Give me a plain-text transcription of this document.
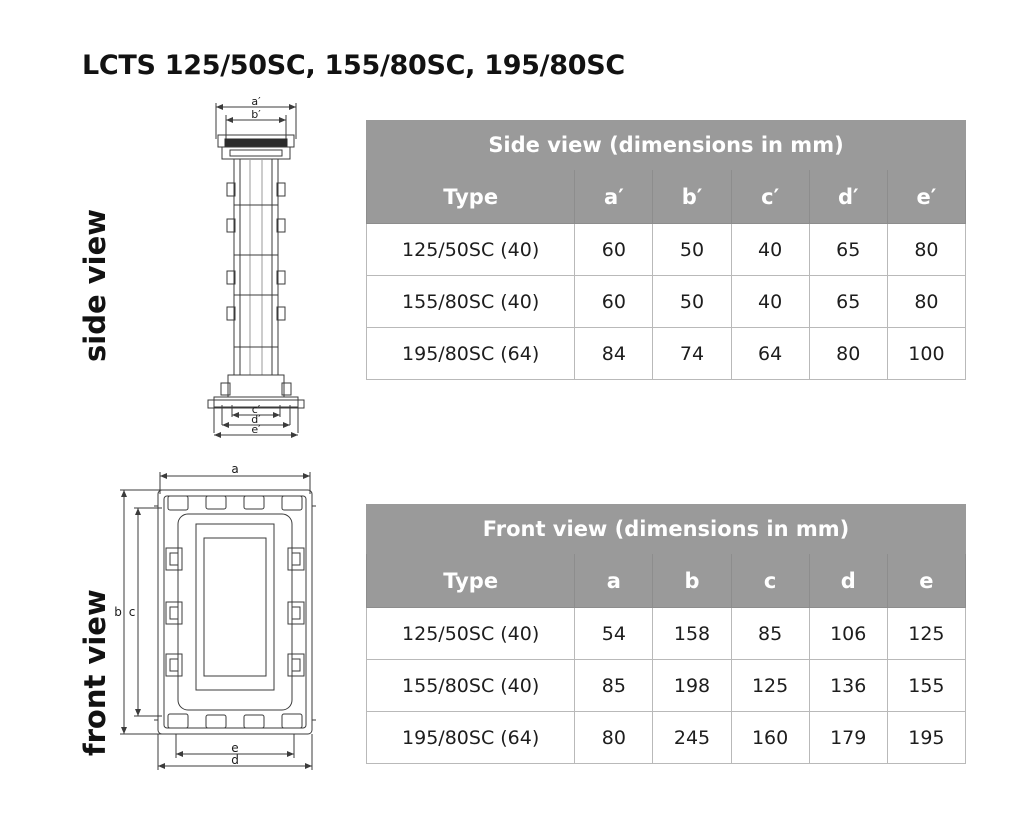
LCTS 125/50SC, 155/80SC, 195/80SC
side view
front view
a′
b′
c′
d′
e′
a
b c
e
d
Side view (dimensions in mm)					
Type	a′	b′	c′	d′	e′
125/50SC (40)	60	50	40	65	80
155/80SC (40)	60	50	40	65	80
195/80SC (64)	84	74	64	80	100
Front view (dimensions in mm)					
Type	a	b	c	d	e
125/50SC (40)	54	158	85	106	125
155/80SC (40)	85	198	125	136	155
195/80SC (64)	80	245	160	179	195
